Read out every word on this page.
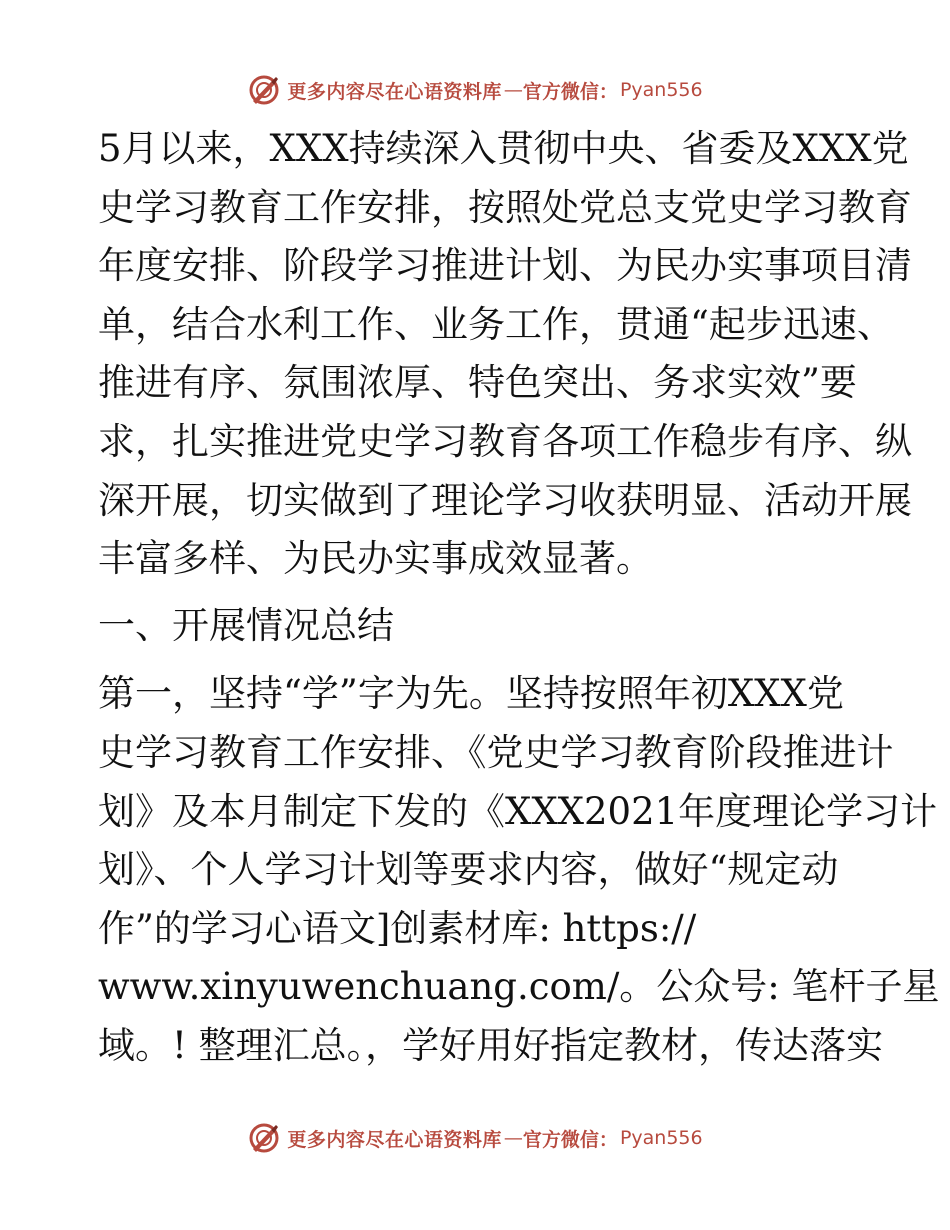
更多内容尽在心语资料库 — 官方微信： Pyan556

5月以来，XXX持续深入贯彻中央、省委及XXX党
史学习教育工作安排，按照处党总支党史学习教育
年度安排、阶段学习推进计划、为民办实事项目清
单，结合水利工作、业务工作，贯通“起步迅速、
推进有序、氛围浓厚、特色突出、务求实效”要
求，扎实推进党史学习教育各项工作稳步有序、纵
深开展，切实做到了理论学习收获明显、活动开展
丰富多样、为民办实事成效显著。

一、开展情况总结

第一，坚持“学”字为先。坚持按照年初XXX党
史学习教育工作安排、《党史学习教育阶段推进计
划》及本月制定下发的《XXX2021年度理论学习计
划》、个人学习计划等要求内容，做好“规定动
作”的学习心语文]创素材库: https://
www.xinyuwenchuang.com/。公众号: 笔杆子星
域。! 整理汇总。，学好用好指定教材，传达落实

更多内容尽在心语资料库 — 官方微信： Pyan556
